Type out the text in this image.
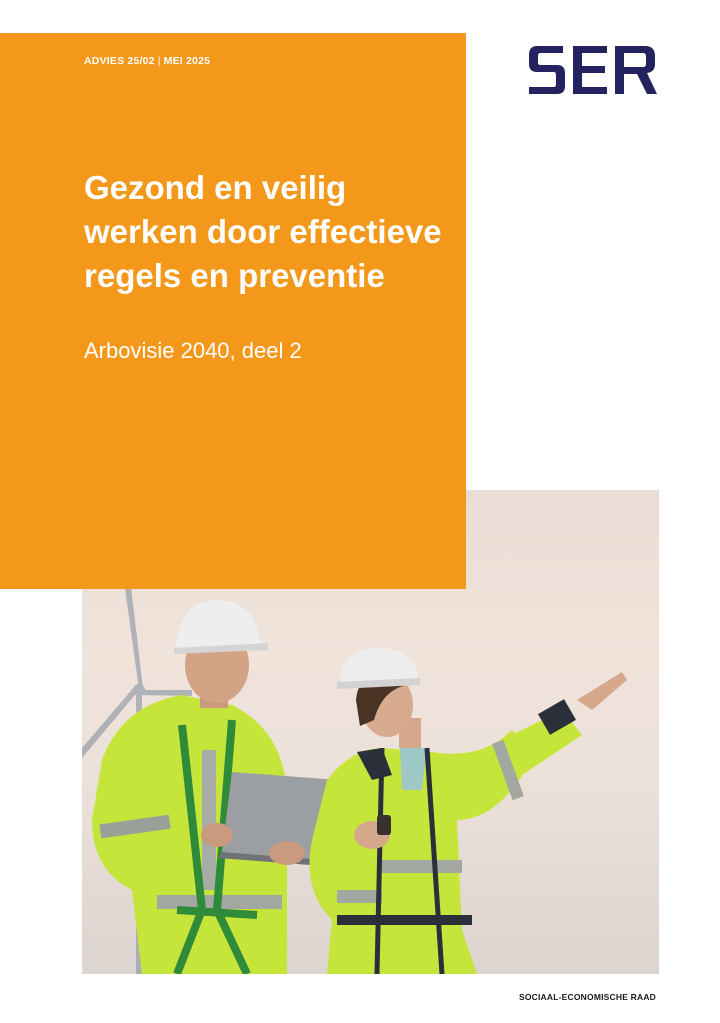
ADVIES 25/02 | MEI 2025
Gezond en veilig
werken door effectieve
regels en preventie
Arbovisie 2040, deel 2
SOCIAAL-ECONOMISCHE RAAD
